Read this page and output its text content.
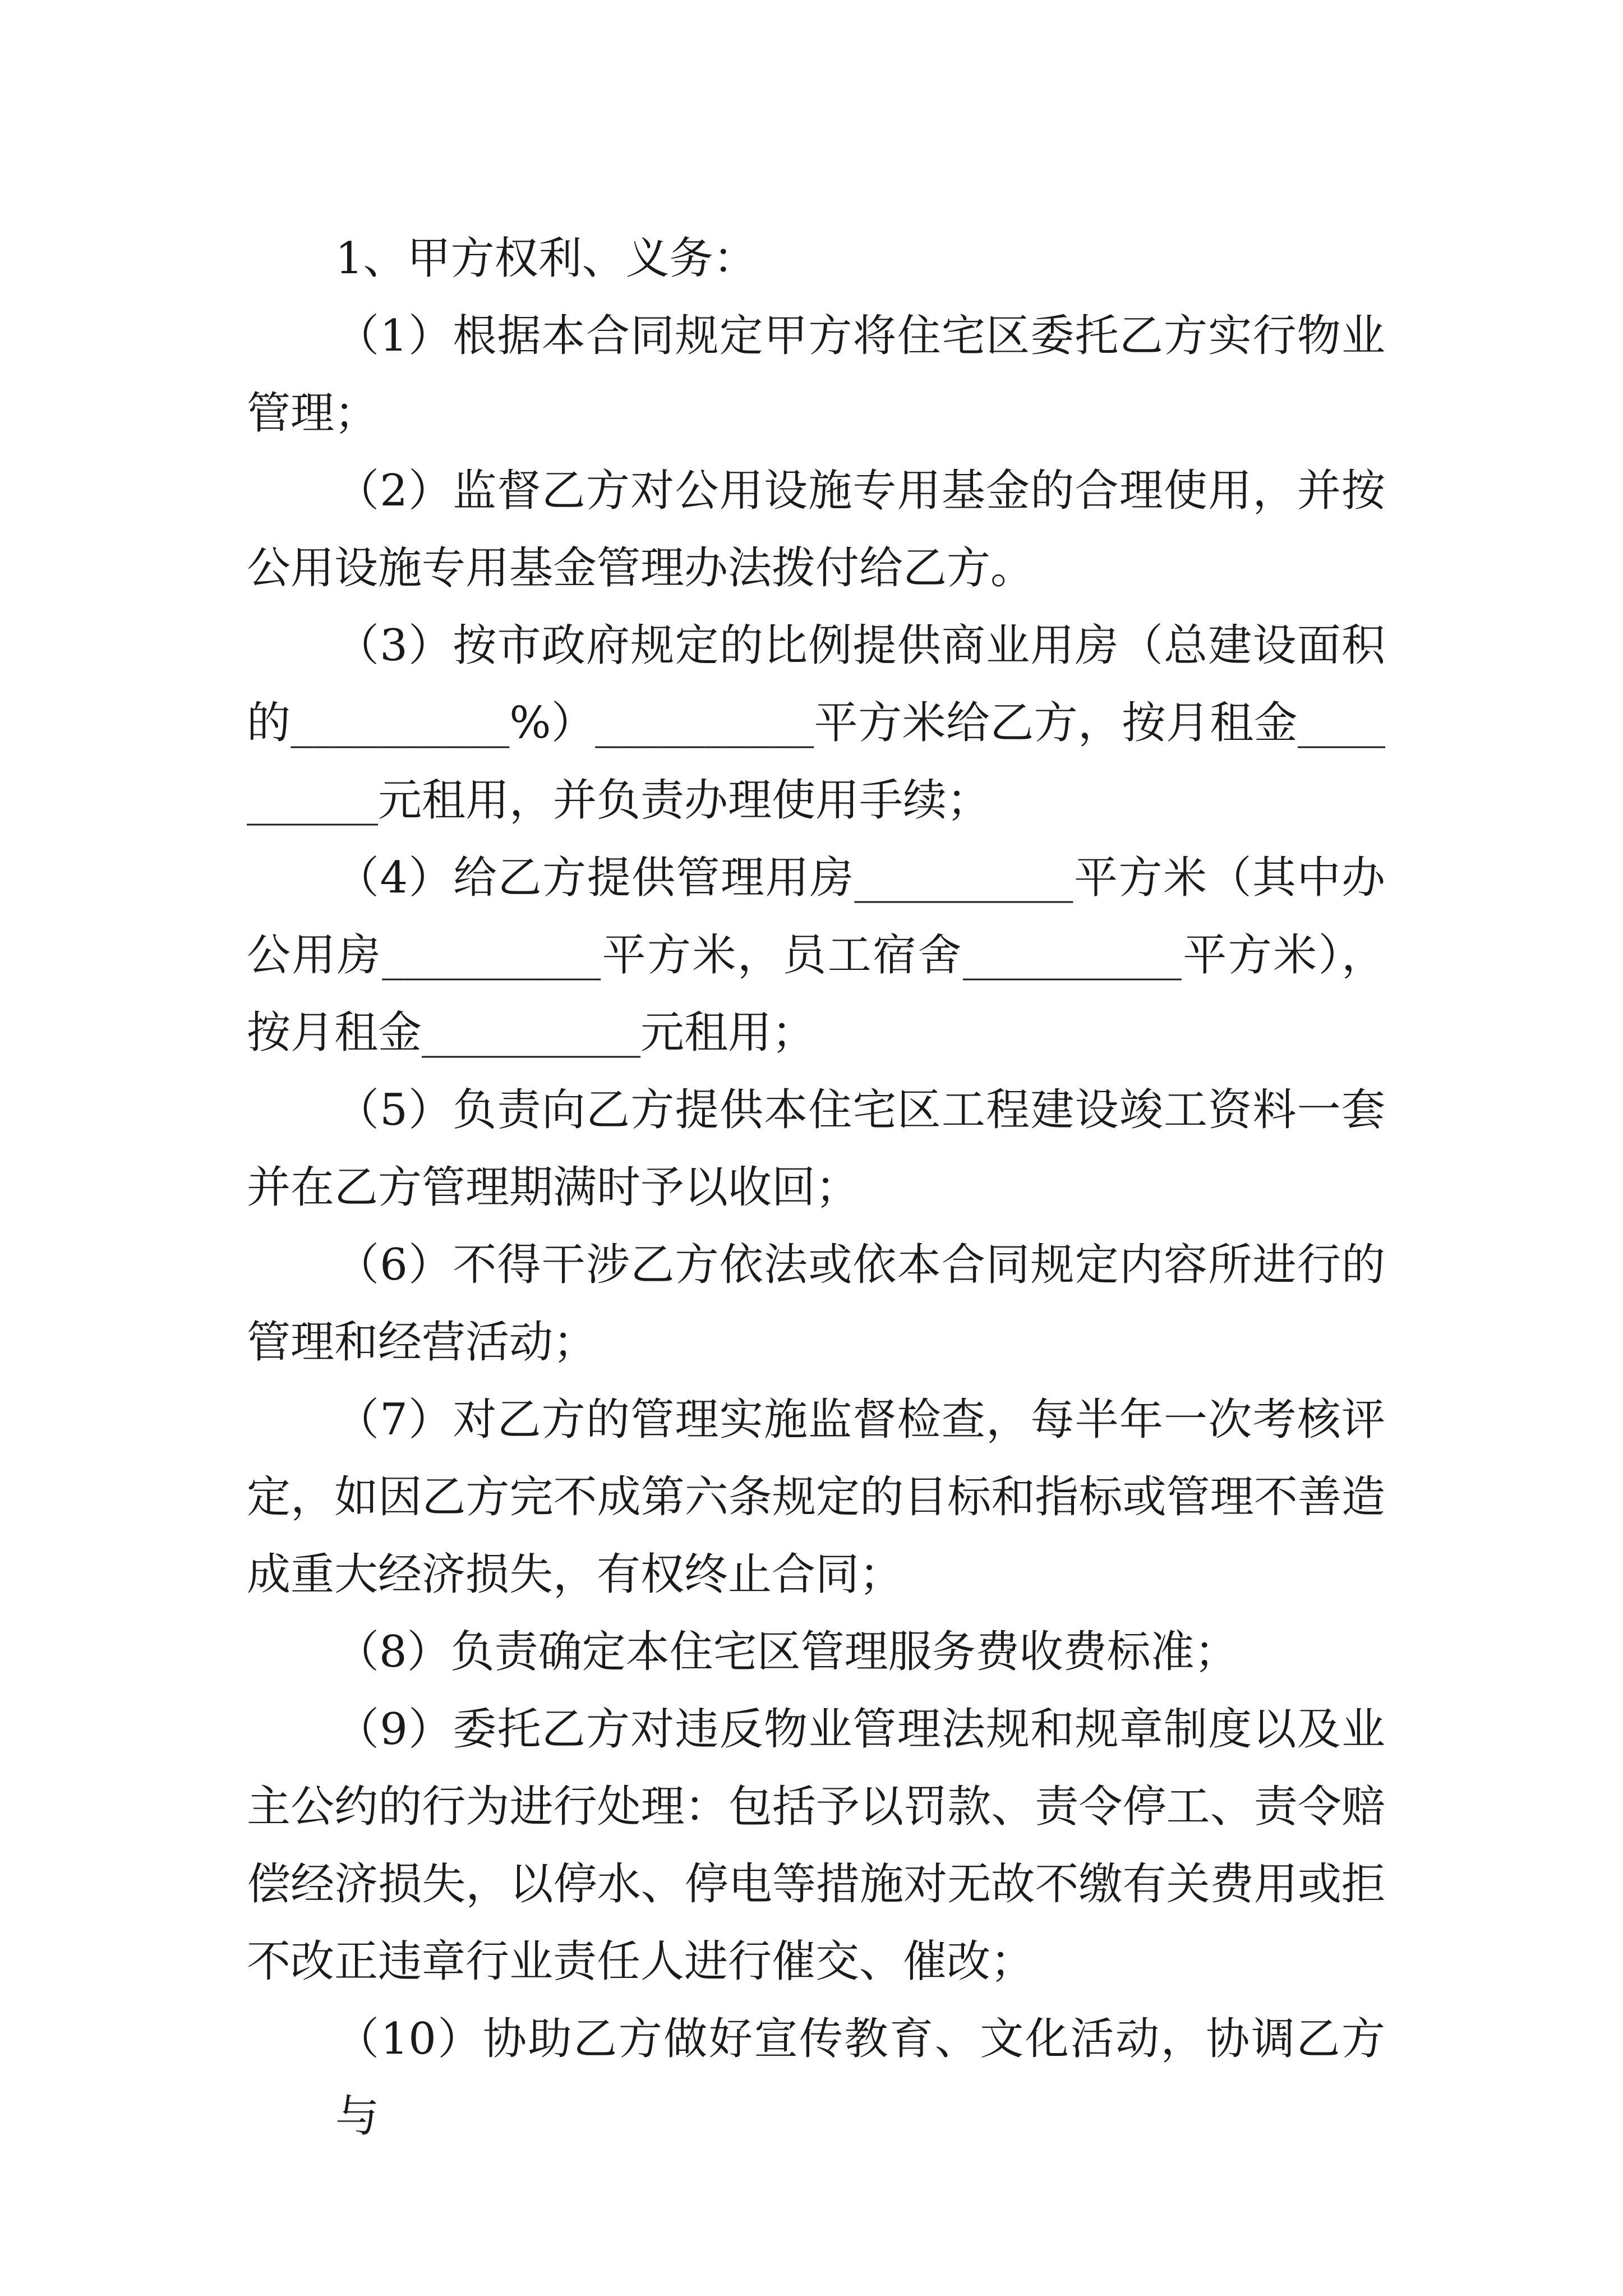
1、甲方权利、义务：
（1）根据本合同规定甲方将住宅区委托乙方实行物业
管理；
（2）监督乙方对公用设施专用基金的合理使用，并按
公用设施专用基金管理办法拨付给乙方。
（3）按市政府规定的比例提供商业用房（总建设面积
的__________%）__________平方米给乙方，按月租金____
______元租用，并负责办理使用手续；
（4）给乙方提供管理用房__________平方米（其中办
公用房__________平方米，员工宿舍__________平方米），
按月租金__________元租用；
（5）负责向乙方提供本住宅区工程建设竣工资料一套
并在乙方管理期满时予以收回；
（6）不得干涉乙方依法或依本合同规定内容所进行的
管理和经营活动；
（7）对乙方的管理实施监督检查，每半年一次考核评
定，如因乙方完不成第六条规定的目标和指标或管理不善造
成重大经济损失，有权终止合同；
（8）负责确定本住宅区管理服务费收费标准；
（9）委托乙方对违反物业管理法规和规章制度以及业
主公约的行为进行处理：包括予以罚款、责令停工、责令赔
偿经济损失，以停水、停电等措施对无故不缴有关费用或拒
不改正违章行业责任人进行催交、催改；
（10）协助乙方做好宣传教育、文化活动，协调乙方与
